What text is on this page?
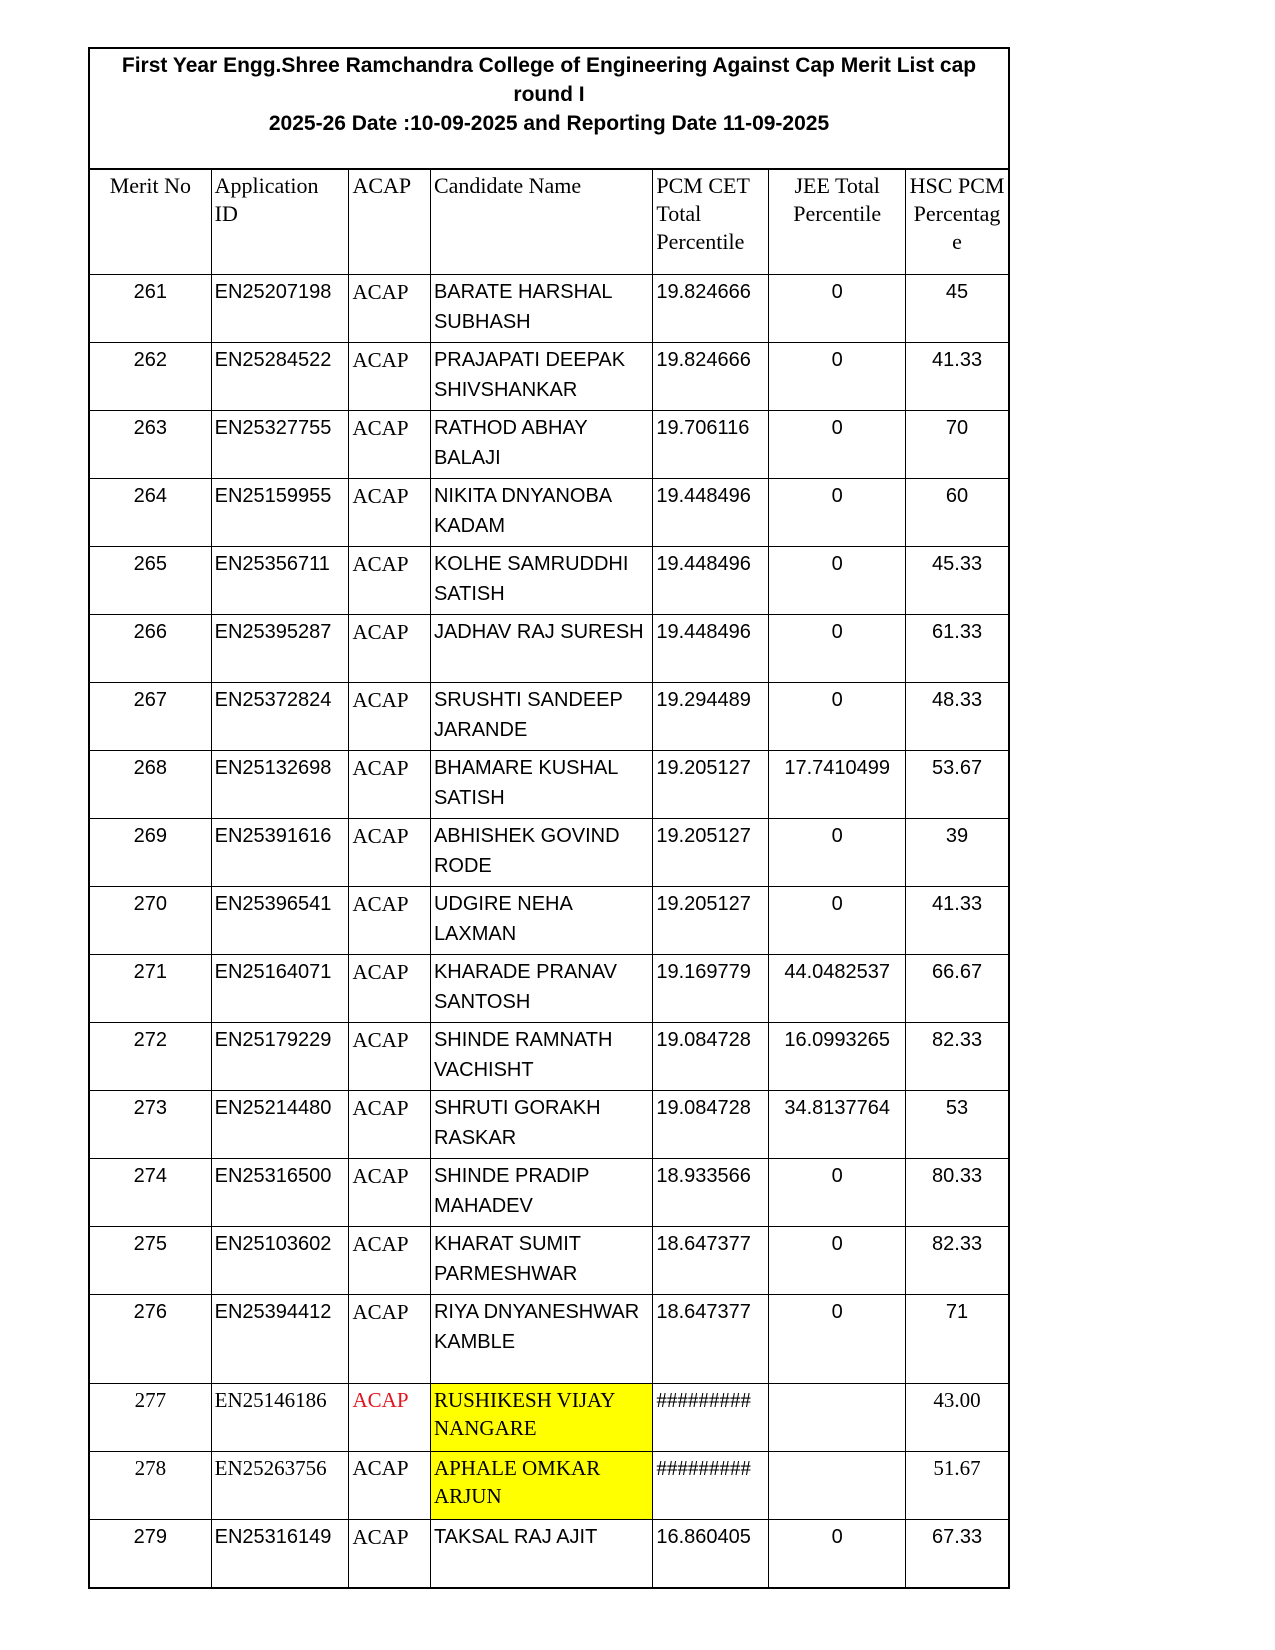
First Year Engg.Shree Ramchandra College of Engineering Against Cap Merit List cap round I
2025-26 Date :10-09-2025 and Reporting Date 11-09-2025
Merit No	Application ID	ACAP	Candidate Name	PCM CET Total Percentile	JEE Total Percentile	HSC PCM Percentag e
261	EN25207198	ACAP	BARATE HARSHAL SUBHASH	19.824666	0	45
262	EN25284522	ACAP	PRAJAPATI DEEPAK SHIVSHANKAR	19.824666	0	41.33
263	EN25327755	ACAP	RATHOD ABHAY BALAJI	19.706116	0	70
264	EN25159955	ACAP	NIKITA DNYANOBA KADAM	19.448496	0	60
265	EN25356711	ACAP	KOLHE SAMRUDDHI SATISH	19.448496	0	45.33
266	EN25395287	ACAP	JADHAV RAJ SURESH	19.448496	0	61.33
267	EN25372824	ACAP	SRUSHTI SANDEEP JARANDE	19.294489	0	48.33
268	EN25132698	ACAP	BHAMARE KUSHAL SATISH	19.205127	17.7410499	53.67
269	EN25391616	ACAP	ABHISHEK GOVIND RODE	19.205127	0	39
270	EN25396541	ACAP	UDGIRE NEHA LAXMAN	19.205127	0	41.33
271	EN25164071	ACAP	KHARADE PRANAV SANTOSH	19.169779	44.0482537	66.67
272	EN25179229	ACAP	SHINDE RAMNATH VACHISHT	19.084728	16.0993265	82.33
273	EN25214480	ACAP	SHRUTI GORAKH RASKAR	19.084728	34.8137764	53
274	EN25316500	ACAP	SHINDE PRADIP MAHADEV	18.933566	0	80.33
275	EN25103602	ACAP	KHARAT SUMIT PARMESHWAR	18.647377	0	82.33
276	EN25394412	ACAP	RIYA DNYANESHWAR KAMBLE	18.647377	0	71
277	EN25146186	ACAP	RUSHIKESH VIJAY NANGARE	#########		43.00
278	EN25263756	ACAP	APHALE OMKAR ARJUN	#########		51.67
279	EN25316149	ACAP	TAKSAL RAJ AJIT	16.860405	0	67.33
